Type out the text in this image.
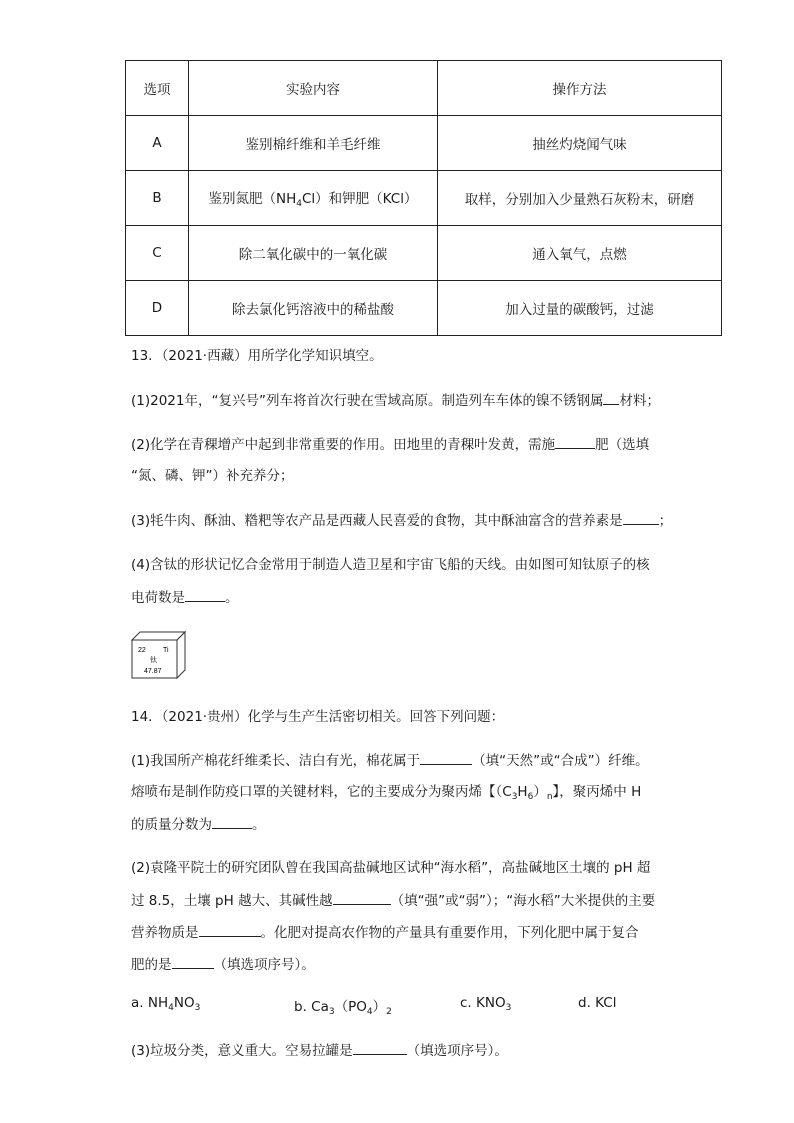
选项	实验内容	操作方法
A	鉴别棉纤维和羊毛纤维	抽丝灼烧闻气味
B	鉴别氮肥$(NH_4Cl)$和钾肥（KCl）	取样，分别加入少量熟石灰粉末，研磨
C	除二氧化碳中的一氧化碳	通入氧气，点燃
D	除去氯化钙溶液中的稀盐酸	加入过量的碳酸钙，过滤
13．（2021·西藏）用所学化学知识填空。
(1)2021年，“复兴号”列车将首次行驶在雪域高原。制造列车车体的镍不锈钢属 材料；
(2)化学在青稞增产中起到非常重要的作用。田地里的青稞叶发黄，需施	肥（选填
“氮、磷、钾”）补充养分；
(3)牦牛肉、酥油、糌粑等农产品是西藏人民喜爱的食物，其中酥油富含的营养素是	；
(4)含钛的形状记忆合金常用于制造人造卫星和宇宙飞船的天线。由如图可知钛原子的核
电荷数是	。
22 Ti
钛
47.87
14．（2021·贵州）化学与生产生活密切相关。回答下列问题：
(1)我国所产棉花纤维柔长、洁白有光，棉花属于	（填“天然”或“合成”）纤维。
熔喷布是制作防疫口罩的关键材料，它的主要成分为聚丙烯【$(C_3H_6)_n$】，聚丙烯中 H
的质量分数为	。
(2)袁隆平院士的研究团队曾在我国高盐碱地区试种“海水稻”，高盐碱地区土壤的 pH 超
过 8.5，土壤 pH 越大、其碱性越	（填“强”或“弱”）；“海水稻”大米提供的主要
营养物质是	。化肥对提高农作物的产量具有重要作用，下列化肥中属于复合
肥的是	（填选项序号）。
a. $NH_4NO_3$	b. $Ca_3(PO_4)_2$
c. $KNO_3$	d. KCl
(3)垃圾分类，意义重大。空易拉罐是	（填选项序号）。
